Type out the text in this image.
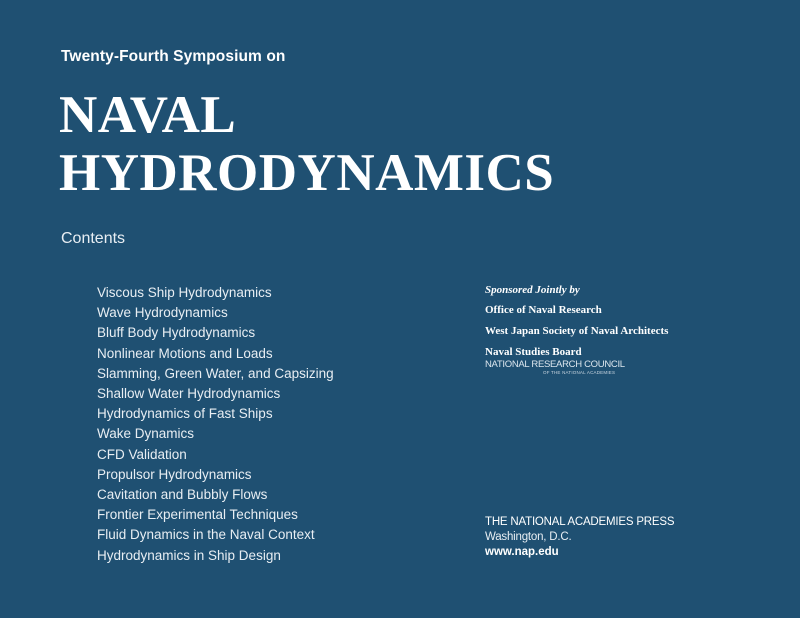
Twenty-Fourth Symposium on
NAVAL
HYDRODYNAMICS
Contents
Viscous Ship Hydrodynamics
Wave Hydrodynamics
Bluff Body Hydrodynamics
Nonlinear Motions and Loads
Slamming, Green Water, and Capsizing
Shallow Water Hydrodynamics
Hydrodynamics of Fast Ships
Wake Dynamics
CFD Validation
Propulsor Hydrodynamics
Cavitation and Bubbly Flows
Frontier Experimental Techniques
Fluid Dynamics in the Naval Context
Hydrodynamics in Ship Design
Sponsored Jointly by
Office of Naval Research
West Japan Society of Naval Architects
Naval Studies Board
NATIONAL RESEARCH COUNCIL
OF THE NATIONAL ACADEMIES
THE NATIONAL ACADEMIES PRESS
Washington, D.C.
www.nap.edu
